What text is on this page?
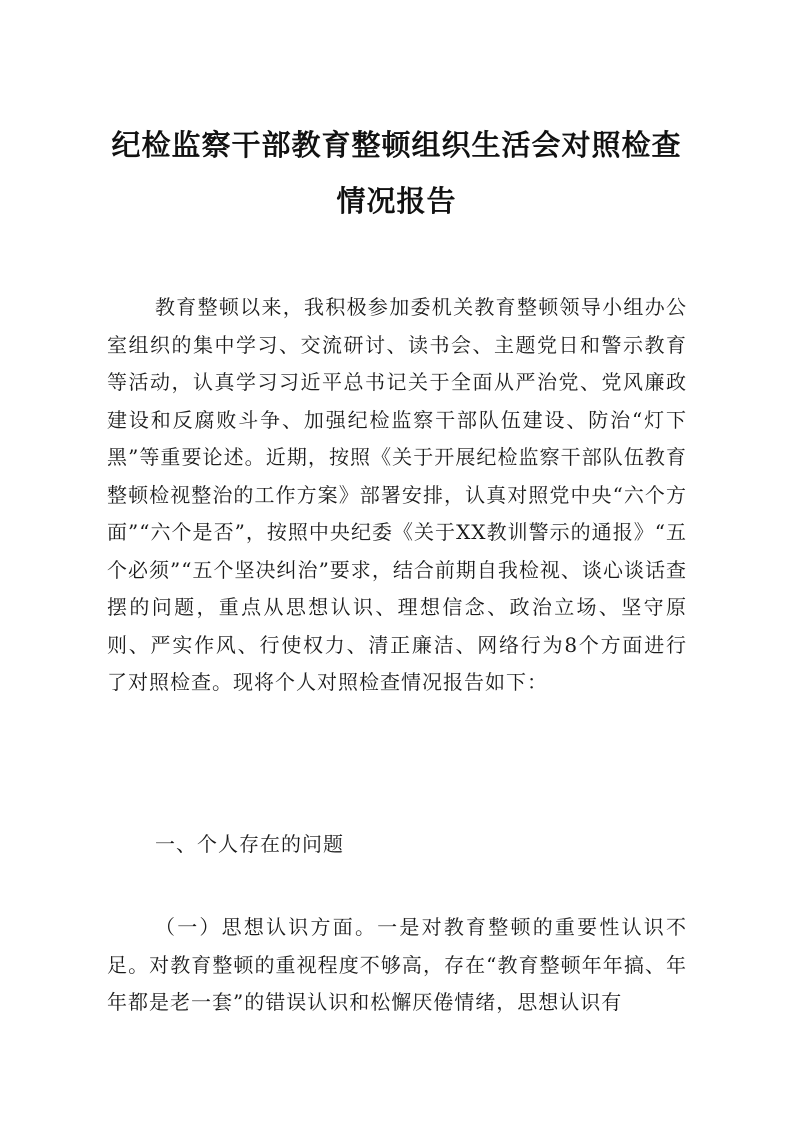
纪检监察干部教育整顿组织生活会对照检查情况报告

教育整顿以来，我积极参加委机关教育整顿领导小组办公室组织的集中学习、交流研讨、读书会、主题党日和警示教育等活动，认真学习习近平总书记关于全面从严治党、党风廉政建设和反腐败斗争、加强纪检监察干部队伍建设、防治“灯下黑”等重要论述。近期，按照《关于开展纪检监察干部队伍教育整顿检视整治的工作方案》部署安排，认真对照党中央“六个方面”“六个是否”，按照中央纪委《关于XX教训警示的通报》“五个必须”“五个坚决纠治”要求，结合前期自我检视、谈心谈话查摆的问题，重点从思想认识、理想信念、政治立场、坚守原则、严实作风、行使权力、清正廉洁、网络行为8个方面进行了对照检查。现将个人对照检查情况报告如下：

一、个人存在的问题

（一）思想认识方面。一是对教育整顿的重要性认识不足。对教育整顿的重视程度不够高，存在“教育整顿年年搞、年年都是老一套”的错误认识和松懈厌倦情绪，思想认识有
